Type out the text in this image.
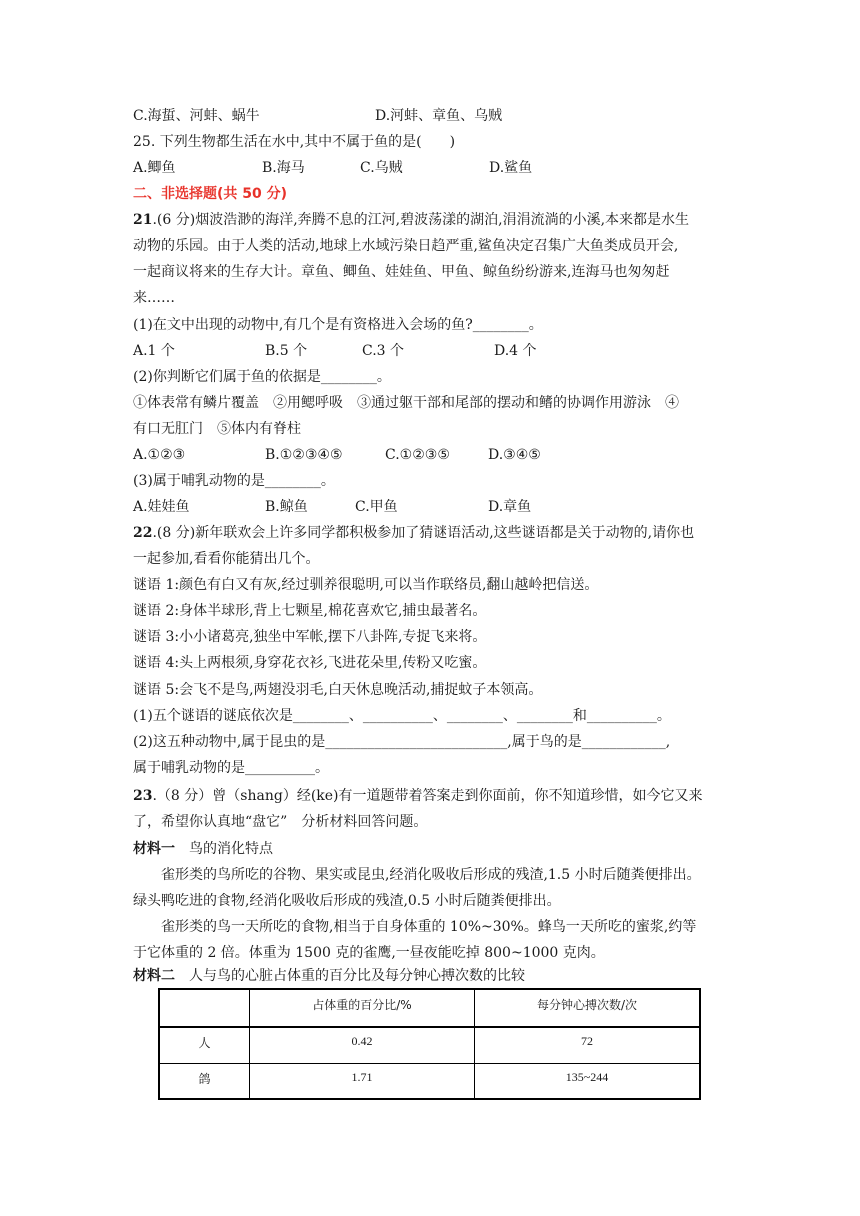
C.海蜇、河蚌、蜗牛	D.河蚌、章鱼、乌贼
25. 下列生物都生活在水中,其中不属于鱼的是(　　)
A.鲫鱼	B.海马	C.乌贼	D.鲨鱼
二、非选择题(共 50 分)
21.(6 分)烟波浩渺的海洋,奔腾不息的江河,碧波荡漾的湖泊,涓涓流淌的小溪,本来都是水生
动物的乐园。由于人类的活动,地球上水域污染日趋严重,鲨鱼决定召集广大鱼类成员开会,
一起商议将来的生存大计。章鱼、鲫鱼、娃娃鱼、甲鱼、鲸鱼纷纷游来,连海马也匆匆赶
来……
(1)在文中出现的动物中,有几个是有资格进入会场的鱼?________。
A.1 个	B.5 个	C.3 个	D.4 个
(2)你判断它们属于鱼的依据是________。
①体表常有鳞片覆盖　②用鳃呼吸　③通过躯干部和尾部的摆动和鳍的协调作用游泳　④
有口无肛门　⑤体内有脊柱
A.①②③	B.①②③④⑤	C.①②③⑤	D.③④⑤
(3)属于哺乳动物的是________。
A.娃娃鱼	B.鲸鱼	C.甲鱼	D.章鱼
22.(8 分)新年联欢会上许多同学都积极参加了猜谜语活动,这些谜语都是关于动物的,请你也
一起参加,看看你能猜出几个。
谜语 1:颜色有白又有灰,经过驯养很聪明,可以当作联络员,翻山越岭把信送。
谜语 2:身体半球形,背上七颗星,棉花喜欢它,捕虫最著名。
谜语 3:小小诸葛亮,独坐中军帐,摆下八卦阵,专捉飞来将。
谜语 4:头上两根须,身穿花衣衫,飞进花朵里,传粉又吃蜜。
谜语 5:会飞不是鸟,两翅没羽毛,白天休息晚活动,捕捉蚊子本领高。
(1)五个谜语的谜底依次是________、__________、________、________和__________。
(2)这五种动物中,属于昆虫的是__________________________,属于鸟的是____________,
属于哺乳动物的是__________。
23.（8 分）曾（shang）经(ke)有一道题带着答案走到你面前，你不知道珍惜，如今它又来
了，希望你认真地“盘它”　分析材料回答问题。
材料一　鸟的消化特点
雀形类的鸟所吃的谷物、果实或昆虫,经消化吸收后形成的残渣,1.5 小时后随粪便排出。
绿头鸭吃进的食物,经消化吸收后形成的残渣,0.5 小时后随粪便排出。
雀形类的鸟一天所吃的食物,相当于自身体重的 10%~30%。蜂鸟一天所吃的蜜浆,约等
于它体重的 2 倍。体重为 1500 克的雀鹰,一昼夜能吃掉 800~1000 克肉。
材料二　人与鸟的心脏占体重的百分比及每分钟心搏次数的比较
	占体重的百分比/%	每分钟心搏次数/次
人	0.42	72
鸽	1.71	135~244
